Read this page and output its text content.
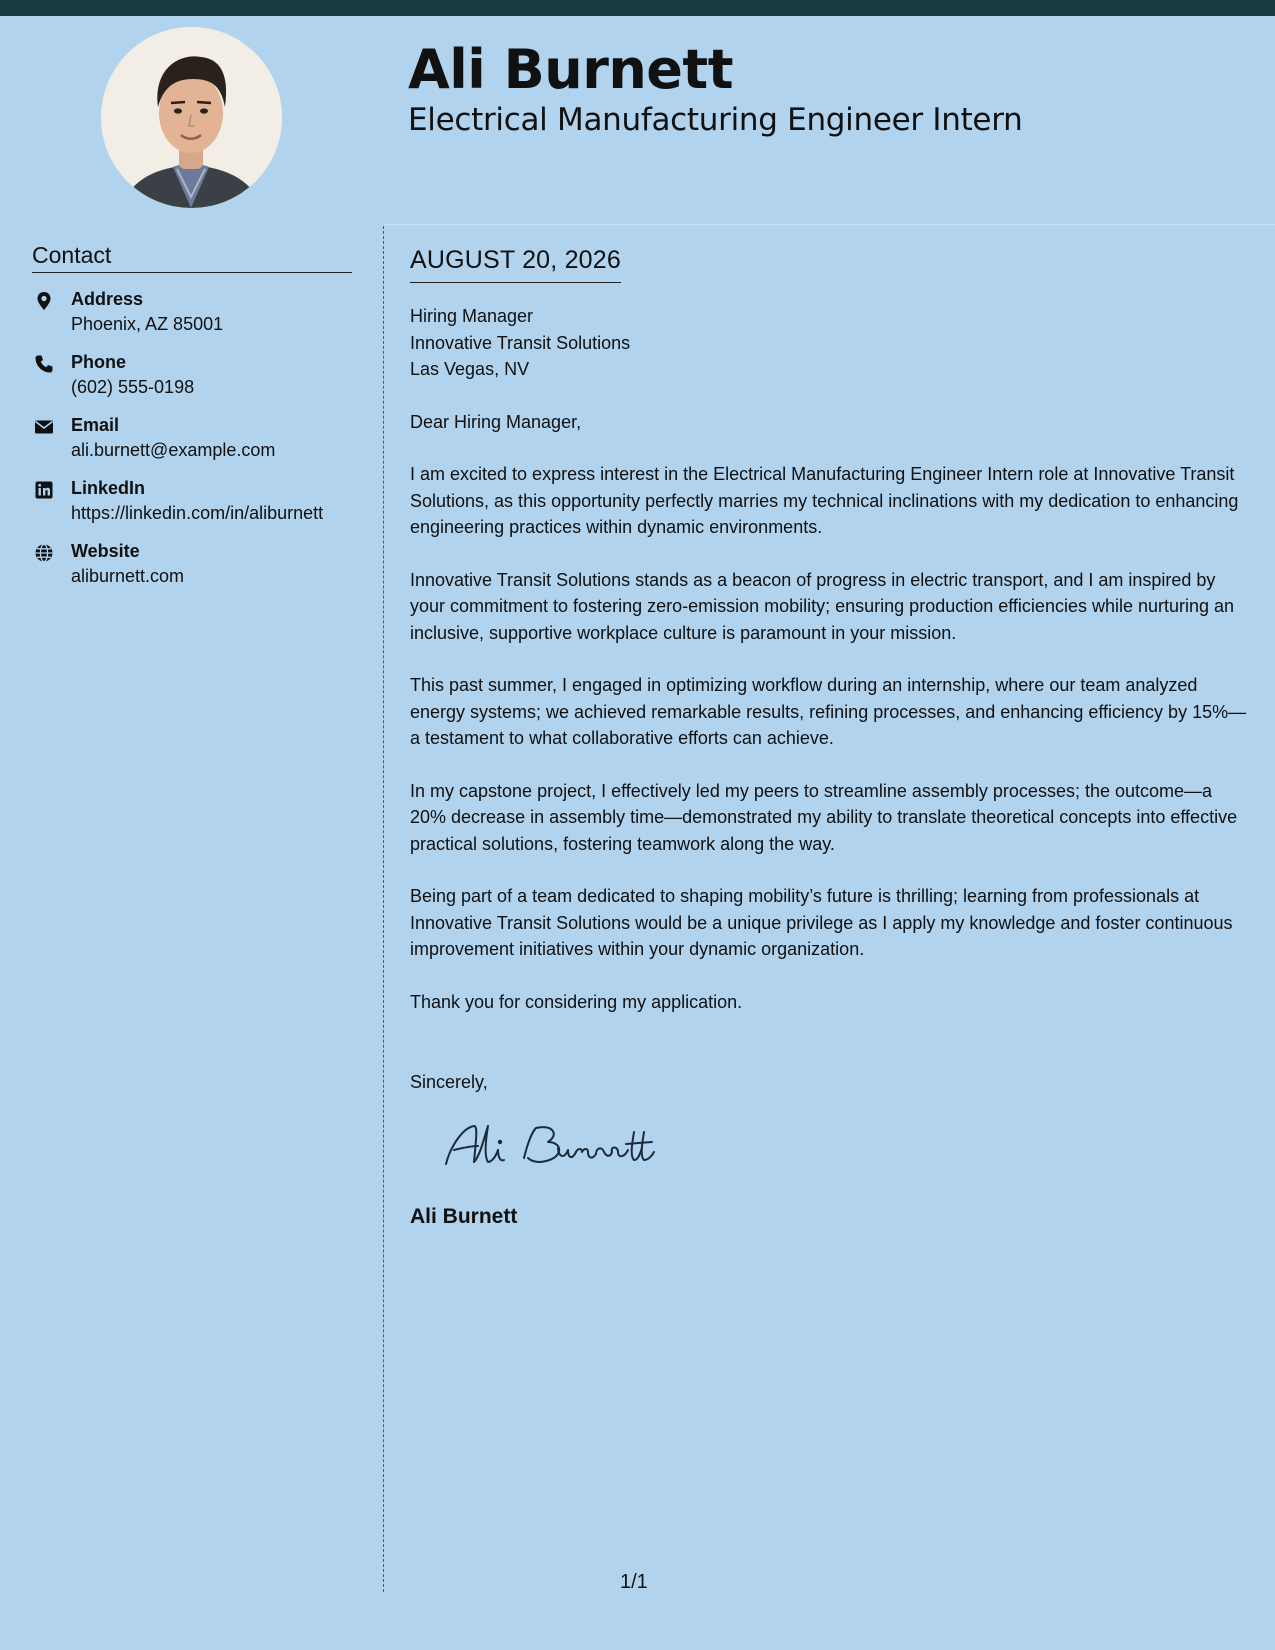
Ali Burnett
Electrical Manufacturing Engineer Intern
Contact
Address
Phoenix, AZ 85001
Phone
(602) 555-0198
Email
ali.burnett@example.com
LinkedIn
https://linkedin.com/in/aliburnett
Website
aliburnett.com
AUGUST 20, 2026

Hiring Manager
Innovative Transit Solutions
Las Vegas, NV

Dear Hiring Manager,

I am excited to express interest in the Electrical Manufacturing Engineer Intern role at Innovative Transit Solutions, as this opportunity perfectly marries my technical inclinations with my dedication to enhancing engineering practices within dynamic environments.

Innovative Transit Solutions stands as a beacon of progress in electric transport, and I am inspired by your commitment to fostering zero-emission mobility; ensuring production efficiencies while nurturing an inclusive, supportive workplace culture is paramount in your mission.

This past summer, I engaged in optimizing workflow during an internship, where our team analyzed energy systems; we achieved remarkable results, refining processes, and enhancing efficiency by 15%—a testament to what collaborative efforts can achieve.

In my capstone project, I effectively led my peers to streamline assembly processes; the outcome—a 20% decrease in assembly time—demonstrated my ability to translate theoretical concepts into effective practical solutions, fostering teamwork along the way.

Being part of a team dedicated to shaping mobility’s future is thrilling; learning from professionals at Innovative Transit Solutions would be a unique privilege as I apply my knowledge and foster continuous improvement initiatives within your dynamic organization.

Thank you for considering my application.

Sincerely,

Ali Burnett

1/1
